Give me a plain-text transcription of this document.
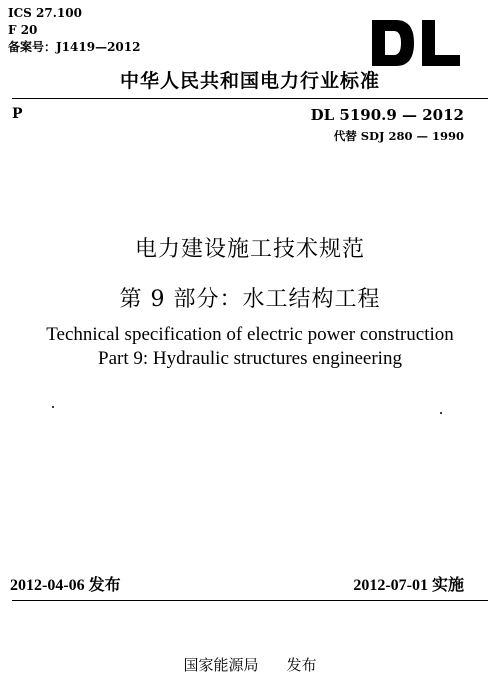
ICS 27.100
F 20
备案号：J1419—2012
中华人民共和国电力行业标准
P	DL 5190.9 — 2012
代替 SDJ 280 — 1990
电力建设施工技术规范
第 9 部分：水工结构工程
Technical specification of electric power construction
Part 9: Hydraulic structures engineering
2012-04-06 发布	2012-07-01 实施
国家能源局 发布
